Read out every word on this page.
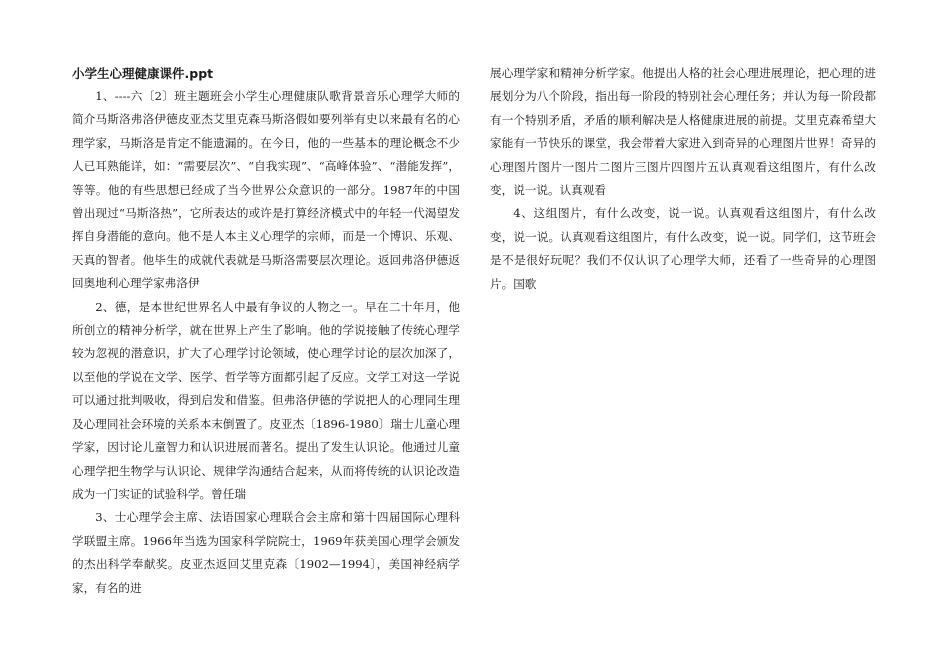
小学生心理健康课件.ppt

1、----六〔2〕班主题班会小学生心理健康队歌背景音乐心理学大师的简介马斯洛弗洛伊德皮亚杰艾里克森马斯洛假如要列举有史以来最有名的心理学家，马斯洛是肯定不能遗漏的。在今日，他的一些基本的理论概念不少人已耳熟能详，如：“需要层次”、“自我实现”、“高峰体验”、“潜能发挥”，等等。他的有些思想已经成了当今世界公众意识的一部分。1987年的中国曾出现过“马斯洛热”，它所表达的或许是打算经济模式中的年轻一代渴望发挥自身潜能的意向。他不是人本主义心理学的宗师，而是一个博识、乐观、天真的智者。他毕生的成就代表就是马斯洛需要层次理论。返回弗洛伊德返回奥地利心理学家弗洛伊

2、德，是本世纪世界名人中最有争议的人物之一。早在二十年月，他所创立的精神分析学，就在世界上产生了影响。他的学说接触了传统心理学较为忽视的潜意识，扩大了心理学讨论领域，使心理学讨论的层次加深了，以至他的学说在文学、医学、哲学等方面都引起了反应。文学工对这一学说可以通过批判吸收，得到启发和借鉴。但弗洛伊德的学说把人的心理同生理及心理同社会环境的关系本末倒置了。皮亚杰〔1896-1980〕瑞士儿童心理学家，因讨论儿童智力和认识进展而著名。提出了发生认识论。他通过儿童心理学把生物学与认识论、规律学沟通结合起来，从而将传统的认识论改造成为一门实证的试验科学。曾任瑞

3、士心理学会主席、法语国家心理联合会主席和第十四届国际心理科学联盟主席。1966年当选为国家科学院院士，1969年获美国心理学会颁发的杰出科学奉献奖。皮亚杰返回艾里克森〔1902—1994〕，美国神经病学家，有名的进

展心理学家和精神分析学家。他提出人格的社会心理进展理论，把心理的进展划分为八个阶段，指出每一阶段的特别社会心理任务；并认为每一阶段都有一个特别矛盾，矛盾的顺利解决是人格健康进展的前提。艾里克森希望大家能有一节快乐的课堂，我会带着大家进入到奇异的心理图片世界！奇异的心理图片图片一图片二图片三图片四图片五认真观看这组图片，有什么改变，说一说。认真观看

4、这组图片，有什么改变，说一说。认真观看这组图片，有什么改变，说一说。认真观看这组图片，有什么改变，说一说。同学们，这节班会是不是很好玩呢？我们不仅认识了心理学大师，还看了一些奇异的心理图片。国歌
